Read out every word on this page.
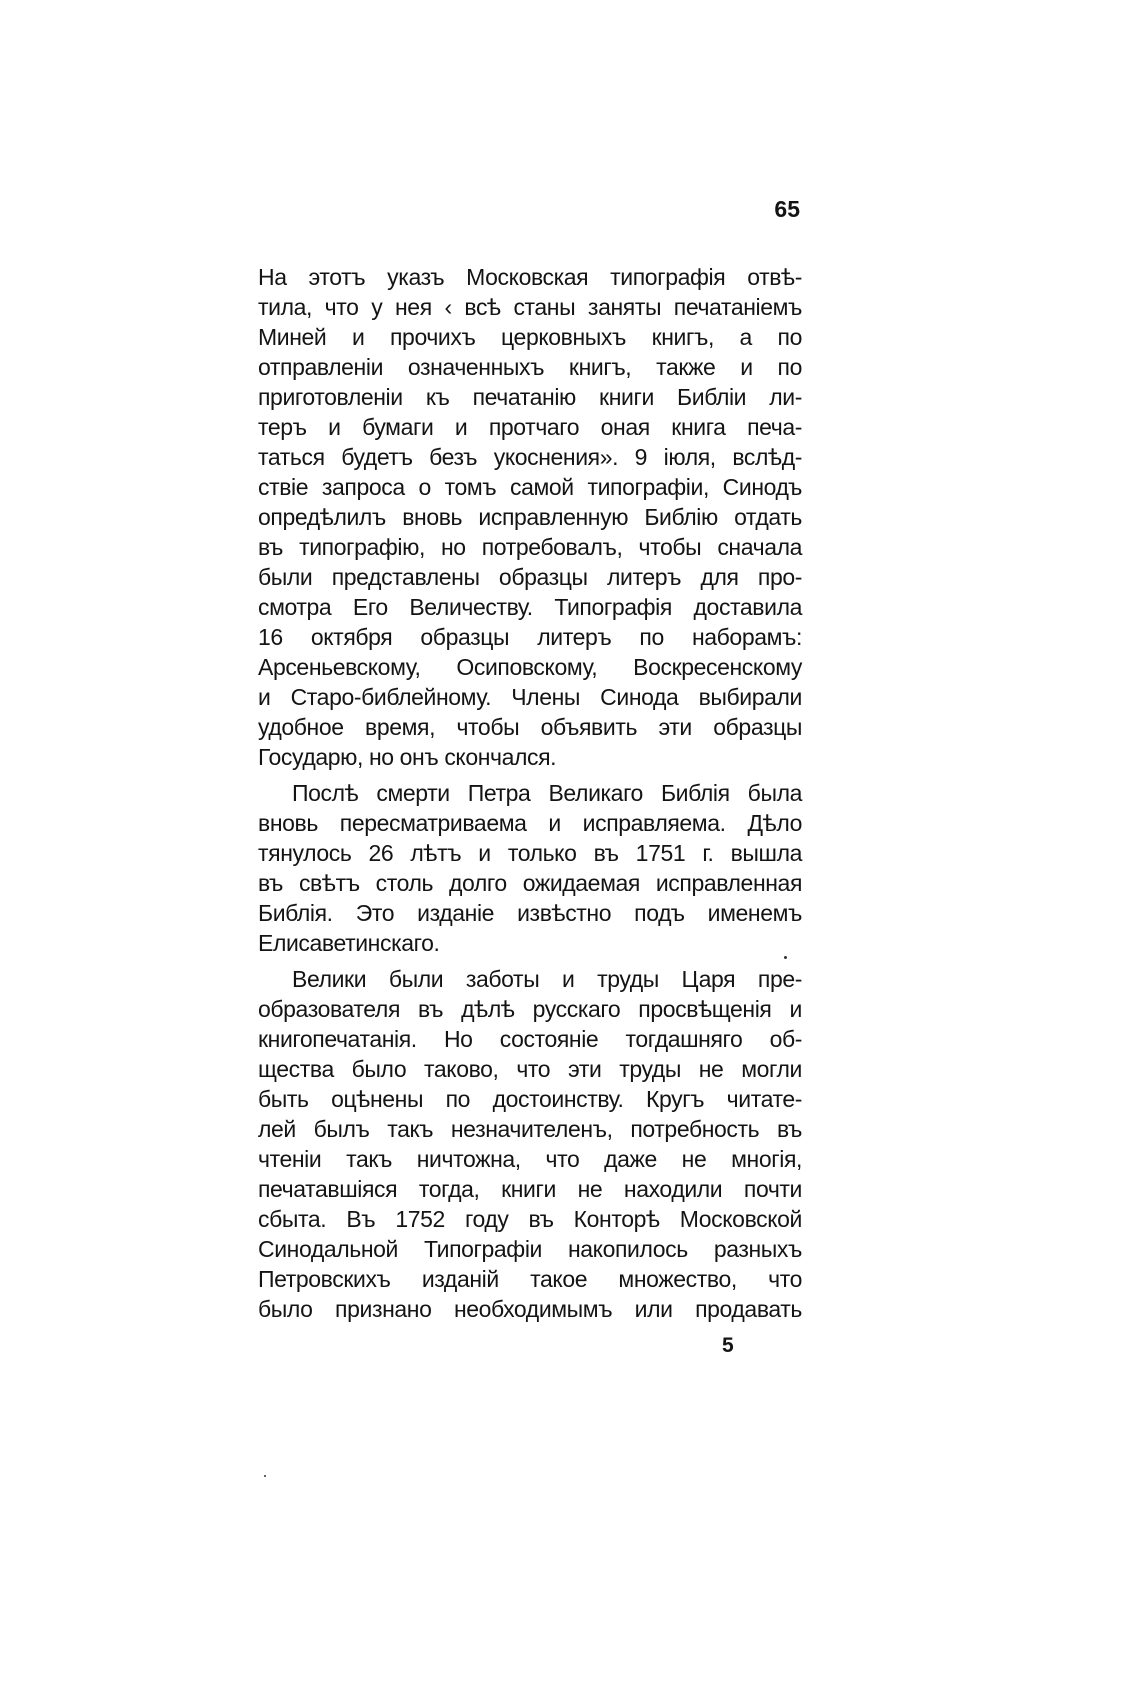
65
На этотъ указъ Московская типографія отвѣ-
тила, что у нея ‹ всѣ станы заняты печатаніемъ
Миней и прочихъ церковныхъ книгъ, а по
отправленіи означенныхъ книгъ, также и по
приготовленіи къ печатанію книги Библіи ли-
теръ и бумаги и протчаго оная книга печа-
таться будетъ безъ укоснения». 9 іюля, вслѣд-
ствіе запроса о томъ самой типографіи, Синодъ
опредѣлилъ вновь исправленную Библію отдать
въ типографію, но потребовалъ, чтобы сначала
были представлены образцы литеръ для про-
смотра Его Величеству. Типографія доставила
16 октября образцы литеръ по наборамъ:
Арсеньевскому, Осиповскому, Воскресенскому
и Старо-библейному. Члены Синода выбирали
удобное время, чтобы объявить эти образцы
Государю, но онъ скончался.
Послѣ смерти Петра Великаго Библія была
вновь пересматриваема и исправляема. Дѣло
тянулось 26 лѣтъ и только въ 1751 г. вышла
въ свѣтъ столь долго ожидаемая исправленная
Библія. Это изданіе извѣстно подъ именемъ
Елисаветинскаго.
Велики были заботы и труды Царя пре-
образователя въ дѣлѣ русскаго просвѣщенія и
книгопечатанія. Но состояніе тогдашняго об-
щества было таково, что эти труды не могли
быть оцѣнены по достоинству. Кругъ читате-
лей былъ такъ незначителенъ, потребность въ
чтеніи такъ ничтожна, что даже не многія,
печатавшіяся тогда, книги не находили почти
сбыта. Въ 1752 году въ Конторѣ Московской
Синодальной Типографіи накопилось разныхъ
Петровскихъ изданій такое множество, что
было признано необходимымъ или продавать
5
